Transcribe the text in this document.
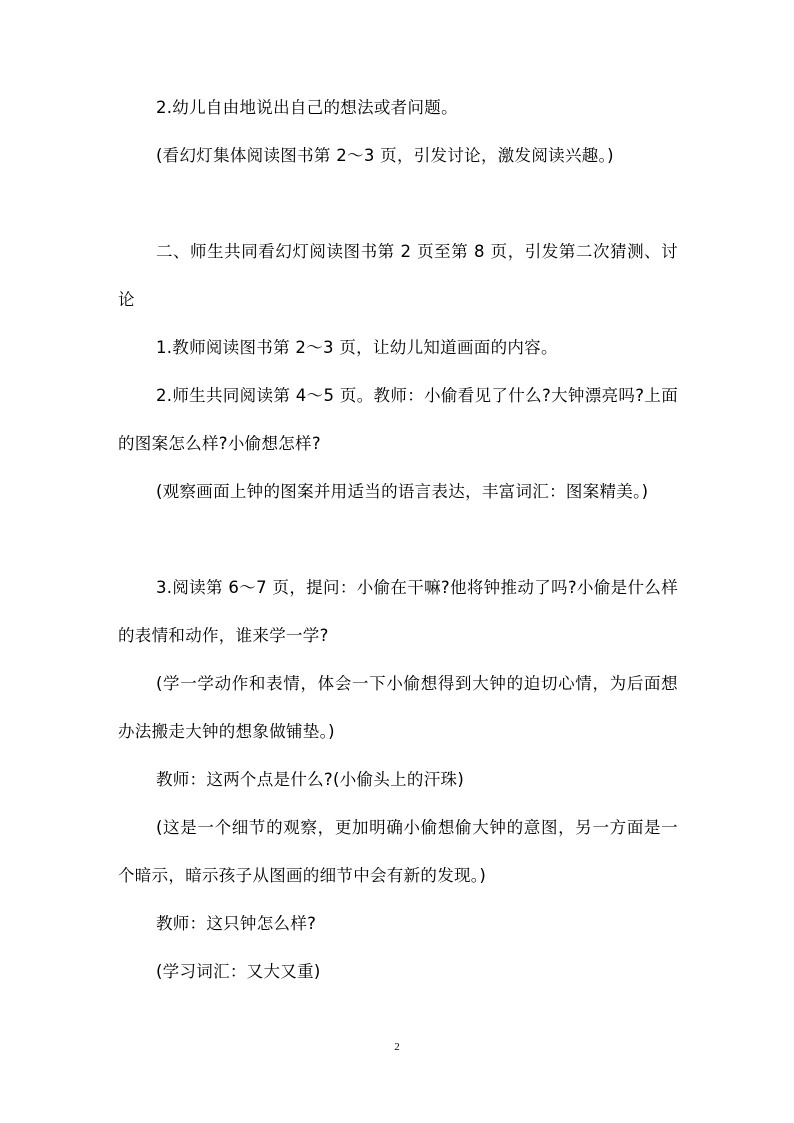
2.幼儿自由地说出自己的想法或者问题。

(看幻灯集体阅读图书第 2～3 页，引发讨论，激发阅读兴趣。)

二、师生共同看幻灯阅读图书第 2 页至第 8 页，引发第二次猜测、讨论

1.教师阅读图书第 2～3 页，让幼儿知道画面的内容。

2.师生共同阅读第 4～5 页。教师：小偷看见了什么?大钟漂亮吗?上面的图案怎么样?小偷想怎样?

(观察画面上钟的图案并用适当的语言表达，丰富词汇：图案精美。)

3.阅读第 6～7 页，提问：小偷在干嘛?他将钟推动了吗?小偷是什么样的表情和动作，谁来学一学?

(学一学动作和表情，体会一下小偷想得到大钟的迫切心情，为后面想办法搬走大钟的想象做铺垫。)

教师：这两个点是什么?(小偷头上的汗珠)

(这是一个细节的观察，更加明确小偷想偷大钟的意图，另一方面是一个暗示，暗示孩子从图画的细节中会有新的发现。)

教师：这只钟怎么样?

(学习词汇：又大又重)

2
